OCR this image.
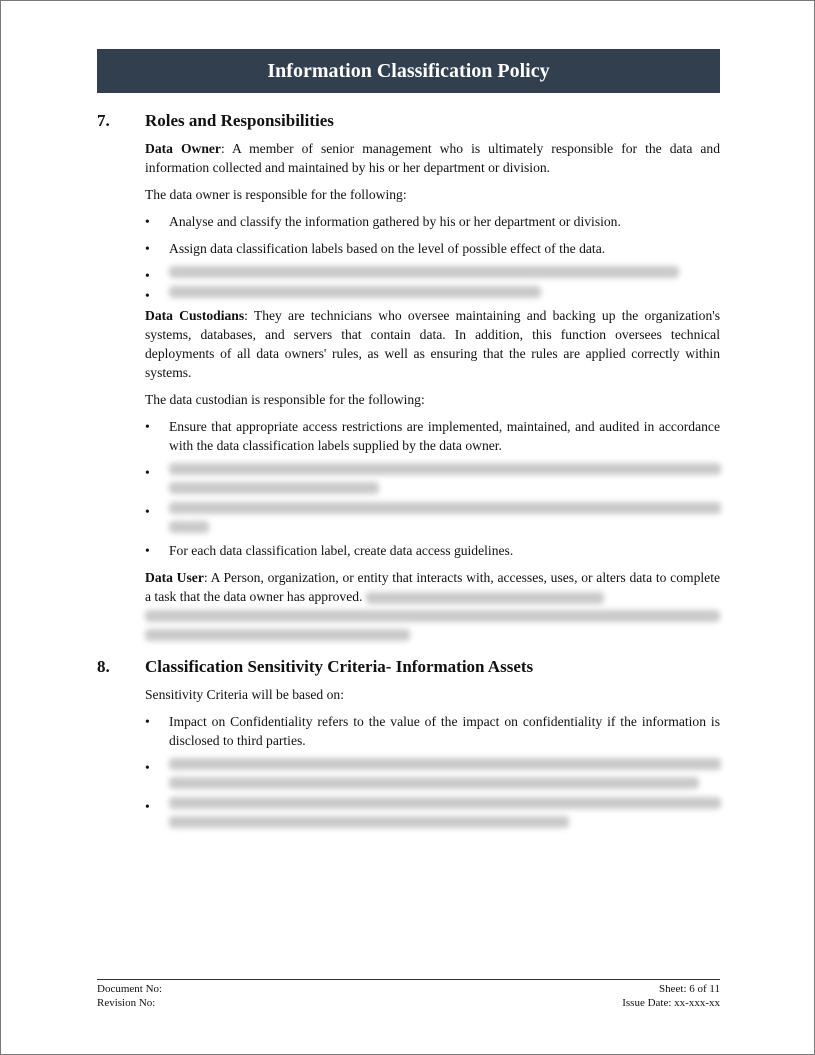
Information Classification Policy
7.	Roles and Responsibilities

Data Owner: A member of senior management who is ultimately responsible for the data and information collected and maintained by his or her department or division.

The data owner is responsible for the following:

• Analyse and classify the information gathered by his or her department or division.
• Assign data classification labels based on the level of possible effect of the data.
•
•

Data Custodians: They are technicians who oversee maintaining and backing up the organization's systems, databases, and servers that contain data. In addition, this function oversees technical deployments of all data owners' rules, as well as ensuring that the rules are applied correctly within systems.

The data custodian is responsible for the following:

• Ensure that appropriate access restrictions are implemented, maintained, and audited in accordance with the data classification labels supplied by the data owner.
•
•
• For each data classification label, create data access guidelines.

Data User: A Person, organization, or entity that interacts with, accesses, uses, or alters data to complete a task that the data owner has approved.

8.	Classification Sensitivity Criteria- Information Assets

Sensitivity Criteria will be based on:

• Impact on Confidentiality refers to the value of the impact on confidentiality if the information is disclosed to third parties.
•
•
Document No:	Sheet: 6 of 11
Revision No:	Issue Date: xx-xxx-xx
